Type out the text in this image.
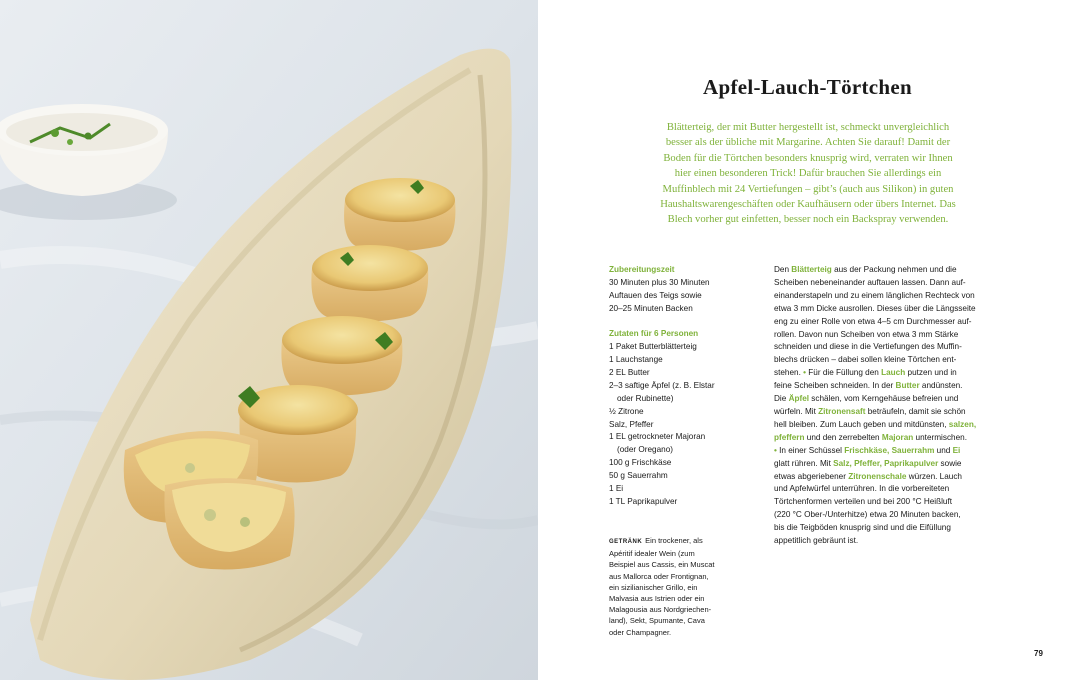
Apfel-Lauch-Törtchen
Blätterteig, der mit Butter hergestellt ist, schmeckt unvergleichlich
besser als der übliche mit Margarine. Achten Sie darauf! Damit der
Boden für die Törtchen besonders knusprig wird, verraten wir Ihnen
hier einen besonderen Trick! Dafür brauchen Sie allerdings ein
Muffinblech mit 24 Vertiefungen – gibt’s (auch aus Silikon) in guten
Haushaltswarengeschäften oder Kaufhäusern oder übers Internet. Das
Blech vorher gut einfetten, besser noch ein Backspray verwenden.
Zubereitungszeit
30 Minuten plus 30 Minuten
Auftauen des Teigs sowie
20–25 Minuten Backen
Zutaten für 6 Personen
1 Paket Butterblätterteig
1 Lauchstange
2 EL Butter
2–3 saftige Äpfel (z. B. Elstar
oder Rubinette)
½ Zitrone
Salz, Pfeffer
1 EL getrockneter Majoran
(oder Oregano)
100 g Frischkäse
50 g Sauerrahm
1 Ei
1 TL Paprikapulver
GETRÄNK Ein trockener, als
Apéritif idealer Wein (zum
Beispiel aus Cassis, ein Muscat
aus Mallorca oder Frontignan,
ein sizilianischer Grillo, ein
Malvasia aus Istrien oder ein
Malagousia aus Nordgriechen-
land), Sekt, Spumante, Cava
oder Champagner.
Den Blätterteig aus der Packung nehmen und die
Scheiben nebeneinander auftauen lassen. Dann auf-
einanderstapeln und zu einem länglichen Rechteck von
etwa 3 mm Dicke ausrollen. Dieses über die Längsseite
eng zu einer Rolle von etwa 4–5 cm Durchmesser auf-
rollen. Davon nun Scheiben von etwa 3 mm Stärke
schneiden und diese in die Vertiefungen des Muffin-
blechs drücken – dabei sollen kleine Törtchen ent-
stehen. • Für die Füllung den Lauch putzen und in
feine Scheiben schneiden. In der Butter andünsten.
Die Äpfel schälen, vom Kerngehäuse befreien und
würfeln. Mit Zitronensaft beträufeln, damit sie schön
hell bleiben. Zum Lauch geben und mitdünsten, salzen,
pfeffern und den zerrebelten Majoran untermischen.
• In einer Schüssel Frischkäse, Sauerrahm und Ei
glatt rühren. Mit Salz, Pfeffer, Paprikapulver sowie
etwas abgeriebener Zitronenschale würzen. Lauch
und Apfelwürfel unterrühren. In die vorbereiteten
Törtchenformen verteilen und bei 200 °C Heißluft
(220 °C Ober-/Unterhitze) etwa 20 Minuten backen,
bis die Teigböden knusprig sind und die Eifüllung
appetitlich gebräunt ist.
79
